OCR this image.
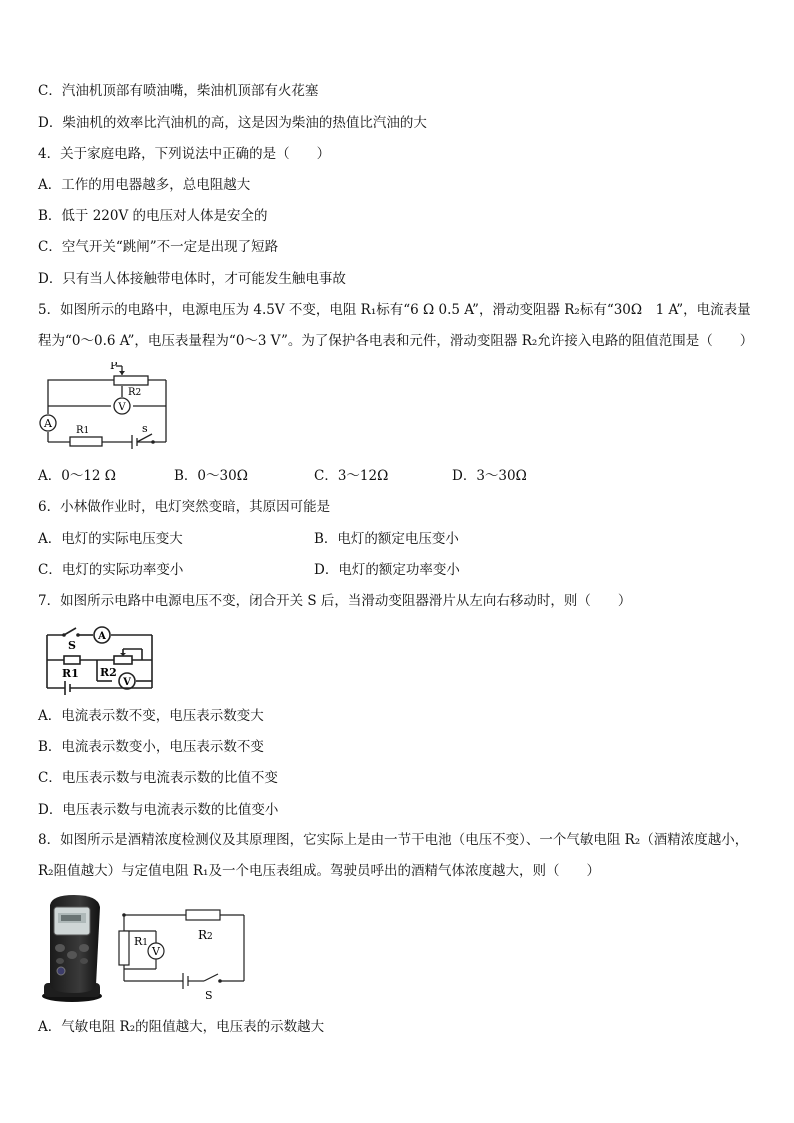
C．汽油机顶部有喷油嘴，柴油机顶部有火花塞
D．柴油机的效率比汽油机的高，这是因为柴油的热值比汽油的大
4．关于家庭电路，下列说法中正确的是（　　）
A．工作的用电器越多，总电阻越大
B．低于 220V 的电压对人体是安全的
C．空气开关“跳闸”不一定是出现了短路
D．只有当人体接触带电体时，才可能发生触电事故
5．如图所示的电路中，电源电压为 4.5V 不变，电阻 R₁标有“6 Ω 0.5 A”，滑动变阻器 R₂标有“30Ω　1 A”，电流表量程为“0～0.6 A”，电压表量程为“0～3 V”。为了保护各电表和元件，滑动变阻器 R₂允许接入电路的阻值范围是（　　）
A
V
P
R2
R1	s
A．0～12 Ω	B．0～30Ω	C．3～12Ω	D．3～30Ω
6．小林做作业时，电灯突然变暗，其原因可能是
A．电灯的实际电压变大	B．电灯的额定电压变小
C．电灯的实际功率变小	D．电灯的额定功率变小
7．如图所示电路中电源电压不变，闭合开关 S 后，当滑动变阻器滑片从左向右移动时，则（　　）
A
V
S
R1 R2
A．电流表示数不变，电压表示数变大
B．电流表示数变小，电压表示数不变
C．电压表示数与电流表示数的比值不变
D．电压表示数与电流表示数的比值变小
8．如图所示是酒精浓度检测仪及其原理图，它实际上是由一节干电池（电压不变）、一个气敏电阻 R₂（酒精浓度越小，R₂阻值越大）与定值电阻 R₁及一个电压表组成。驾驶员呼出的酒精气体浓度越大，则（　　）
V
R1
R2
S
A．气敏电阻 R₂的阻值越大，电压表的示数越大
